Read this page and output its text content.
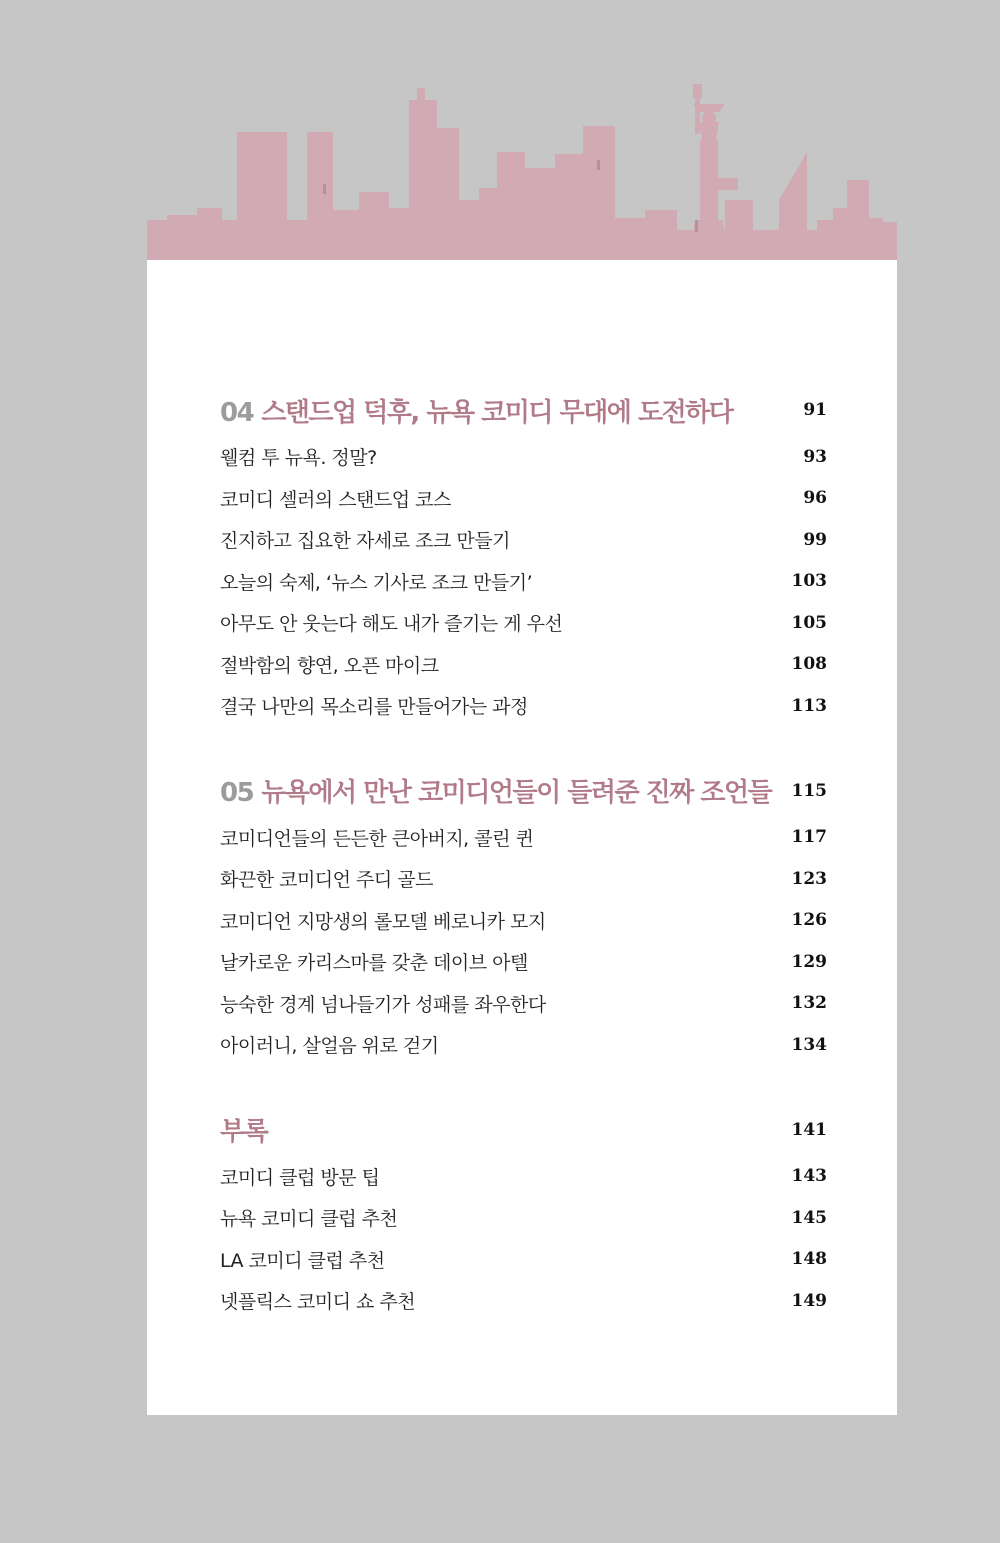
04 스탠드업 덕후, 뉴욕 코미디 무대에 도전하다	91
웰컴 투 뉴욕. 정말?	93
코미디 셀러의 스탠드업 코스	96
진지하고 집요한 자세로 조크 만들기	99
오늘의 숙제, ‘뉴스 기사로 조크 만들기’	103
아무도 안 웃는다 해도 내가 즐기는 게 우선	105
절박함의 향연, 오픈 마이크	108
결국 나만의 목소리를 만들어가는 과정	113
05 뉴욕에서 만난 코미디언들이 들려준 진짜 조언들 115
코미디언들의 든든한 큰아버지, 콜린 퀸	117
화끈한 코미디언 주디 골드	123
코미디언 지망생의 롤모델 베로니카 모지	126
날카로운 카리스마를 갖춘 데이브 아텔	129
능숙한 경계 넘나들기가 성패를 좌우한다	132
아이러니, 살얼음 위로 걷기	134
부록	141
코미디 클럽 방문 팁	143
뉴욕 코미디 클럽 추천	145
LA 코미디 클럽 추천	148
넷플릭스 코미디 쇼 추천	149
